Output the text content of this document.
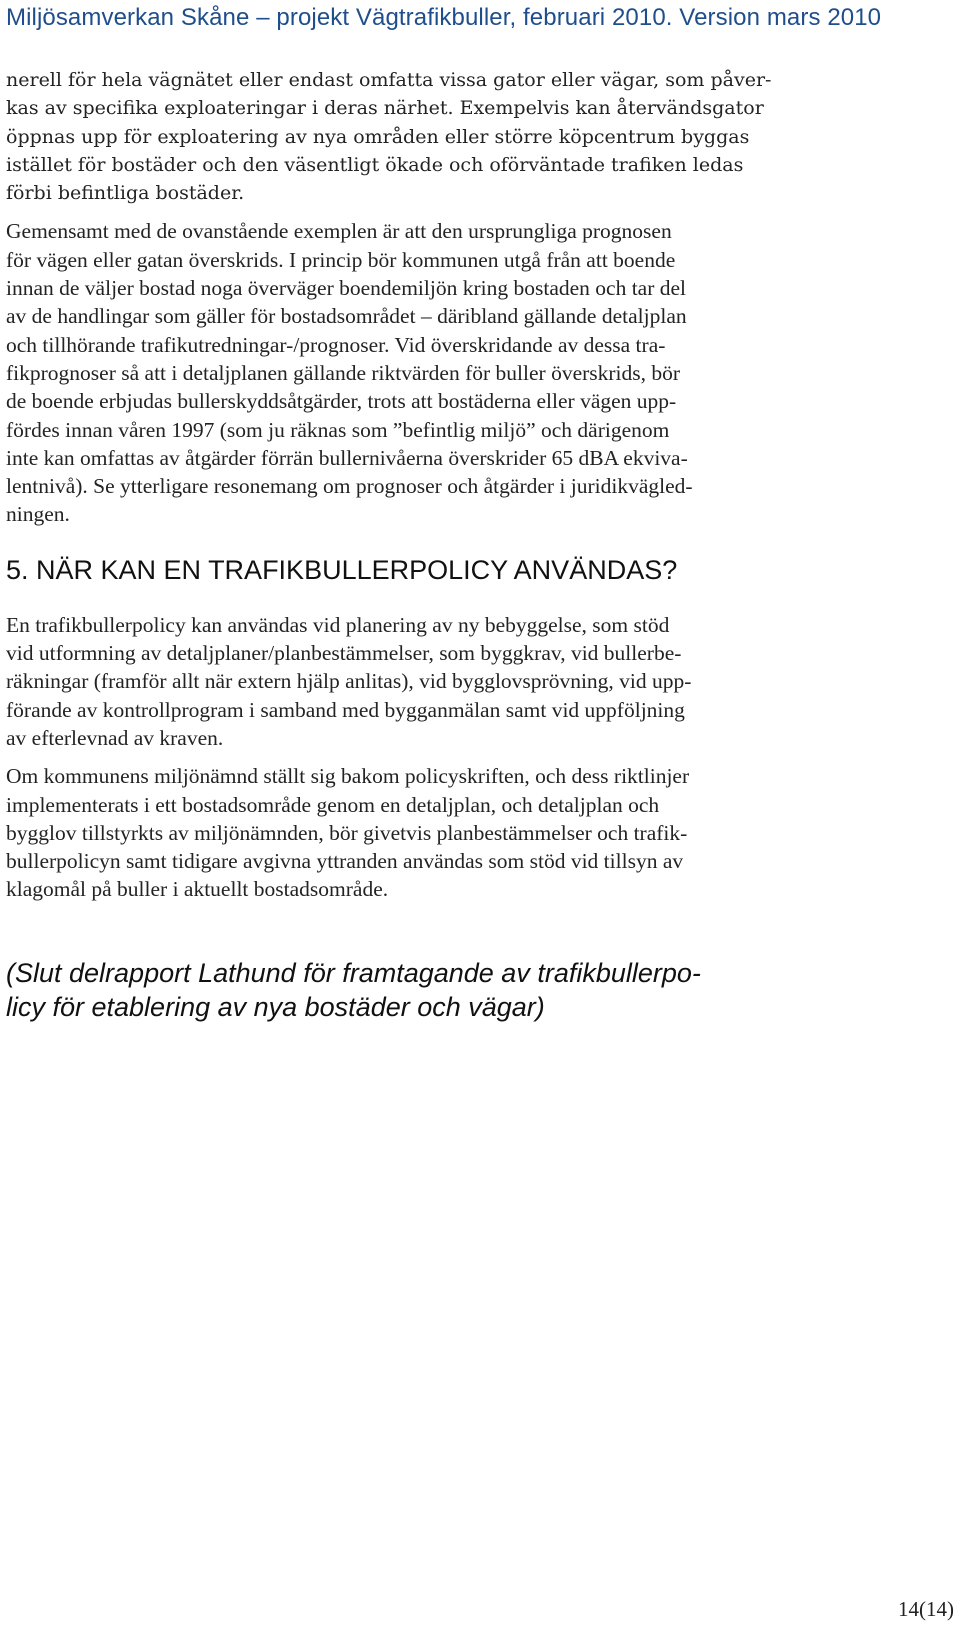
Miljösamverkan Skåne – projekt Vägtrafikbuller, februari 2010. Version mars 2010
nerell för hela vägnätet eller endast omfatta vissa gator eller vägar, som påver-
kas av specifika exploateringar i deras närhet. Exempelvis kan återvändsgator
öppnas upp för exploatering av nya områden eller större köpcentrum byggas
istället för bostäder och den väsentligt ökade och oförväntade trafiken ledas
förbi befintliga bostäder.
Gemensamt med de ovanstående exemplen är att den ursprungliga prognosen
för vägen eller gatan överskrids. I princip bör kommunen utgå från att boende
innan de väljer bostad noga överväger boendemiljön kring bostaden och tar del
av de handlingar som gäller för bostadsområdet – däribland gällande detaljplan
och tillhörande trafikutredningar-/prognoser. Vid överskridande av dessa tra-
fikprognoser så att i detaljplanen gällande riktvärden för buller överskrids, bör
de boende erbjudas bullerskyddsåtgärder, trots att bostäderna eller vägen upp-
fördes innan våren 1997 (som ju räknas som ”befintlig miljö” och därigenom
inte kan omfattas av åtgärder förrän bullernivåerna överskrider 65 dBA ekviva-
lentnivå). Se ytterligare resonemang om prognoser och åtgärder i juridikvägled-
ningen.
5. NÄR KAN EN TRAFIKBULLERPOLICY ANVÄNDAS?
En trafikbullerpolicy kan användas vid planering av ny bebyggelse, som stöd
vid utformning av detaljplaner/planbestämmelser, som byggkrav, vid bullerbe-
räkningar (framför allt när extern hjälp anlitas), vid bygglovsprövning, vid upp-
förande av kontrollprogram i samband med bygganmälan samt vid uppföljning
av efterlevnad av kraven.
Om kommunens miljönämnd ställt sig bakom policyskriften, och dess riktlinjer
implementerats i ett bostadsområde genom en detaljplan, och detaljplan och
bygglov tillstyrkts av miljönämnden, bör givetvis planbestämmelser och trafik-
bullerpolicyn samt tidigare avgivna yttranden användas som stöd vid tillsyn av
klagomål på buller i aktuellt bostadsområde.
(Slut delrapport Lathund för framtagande av trafikbullerpo-
licy för etablering av nya bostäder och vägar)
14(14)
